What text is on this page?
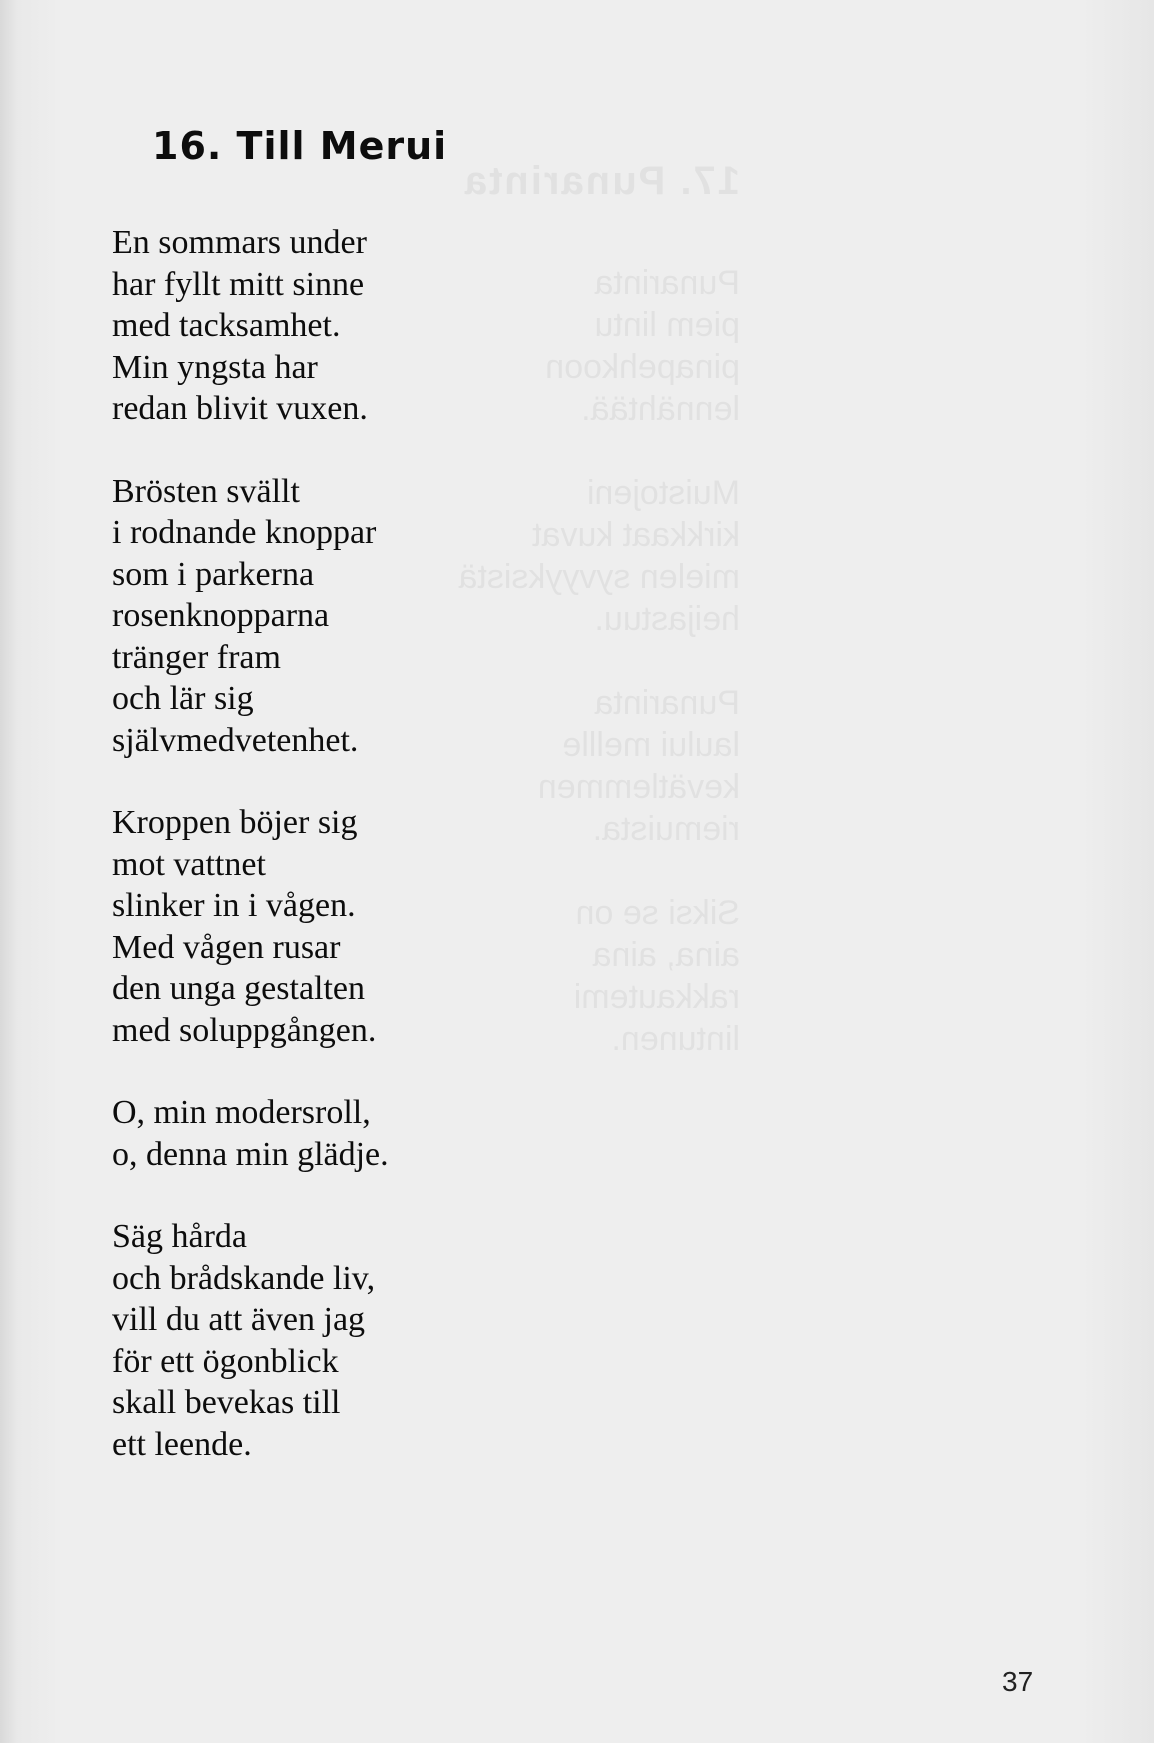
17. Punarinta

Punarinta

piem lintu

pinapehkoon

lennähtää.

Muistojeni

kirkkaat kuvat

mielen syvyyksistä

heijastuu.

Punarinta

laului mellle

kevätlemmen

riemuista.

Siksi se on

aina, aina

rakkautemi

lintunen.

16. Till Merui

En sommars under
har fyllt mitt sinne
med tacksamhet.
Min yngsta har
redan blivit vuxen.

Brösten svällt
i rodnande knoppar
som i parkerna
rosenknopparna
tränger fram
och lär sig
självmedvetenhet.

Kroppen böjer sig
mot vattnet
slinker in i vågen.
Med vågen rusar
den unga gestalten
med soluppgången.

O, min modersroll,
o, denna min glädje.

Säg hårda
och brådskande liv,
vill du att även jag
för ett ögonblick
skall bevekas till
ett leende.

37
